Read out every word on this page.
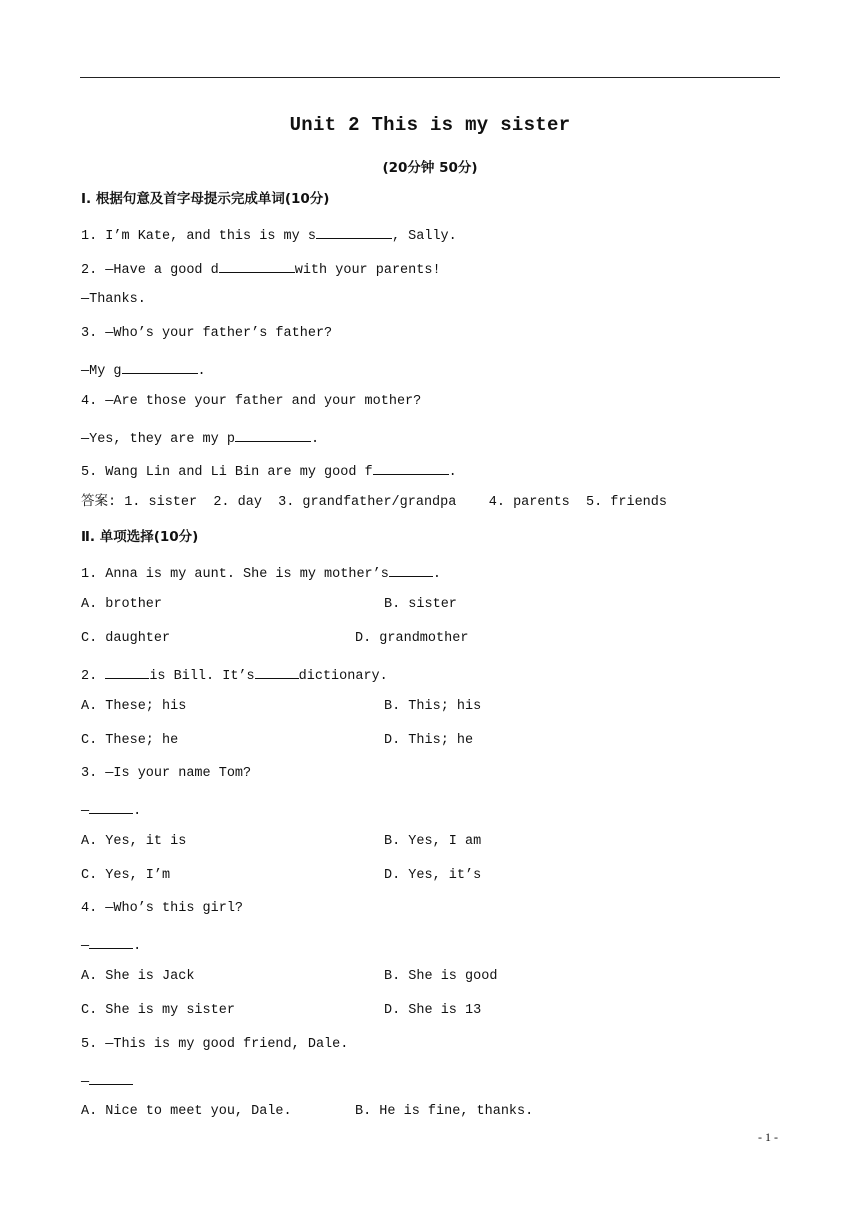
Unit 2 This is my sister
(20分钟 50分)
Ⅰ. 根据句意及首字母提示完成单词(10分)
1. I’m Kate, and this is my s	, Sally.
2. —Have a good d	with your parents!
—Thanks.
3. —Who’s your father’s father?
—My g	.
4. —Are those your father and your mother?
—Yes, they are my p	.
5. Wang Lin and Li Bin are my good f	.
答案: 1. sister  2. day  3. grandfather/grandpa    4. parents  5. friends
Ⅱ. 单项选择(10分)
1. Anna is my aunt. She is my mother’s	.
A. brother	B. sister
C. daughter	D. grandmother
2.	is Bill. It’s	dictionary.
A. These; his	B. This; his
C. These; he	D. This; he
3. —Is your name Tom?
—	.
A. Yes, it is	B. Yes, I am
C. Yes, I’m	D. Yes, it’s
4. —Who’s this girl?
—	.
A. She is Jack	B. She is good
C. She is my sister	D. She is 13
5. —This is my good friend, Dale.
—
A. Nice to meet you, Dale.	B. He is fine, thanks.
- 1 -
